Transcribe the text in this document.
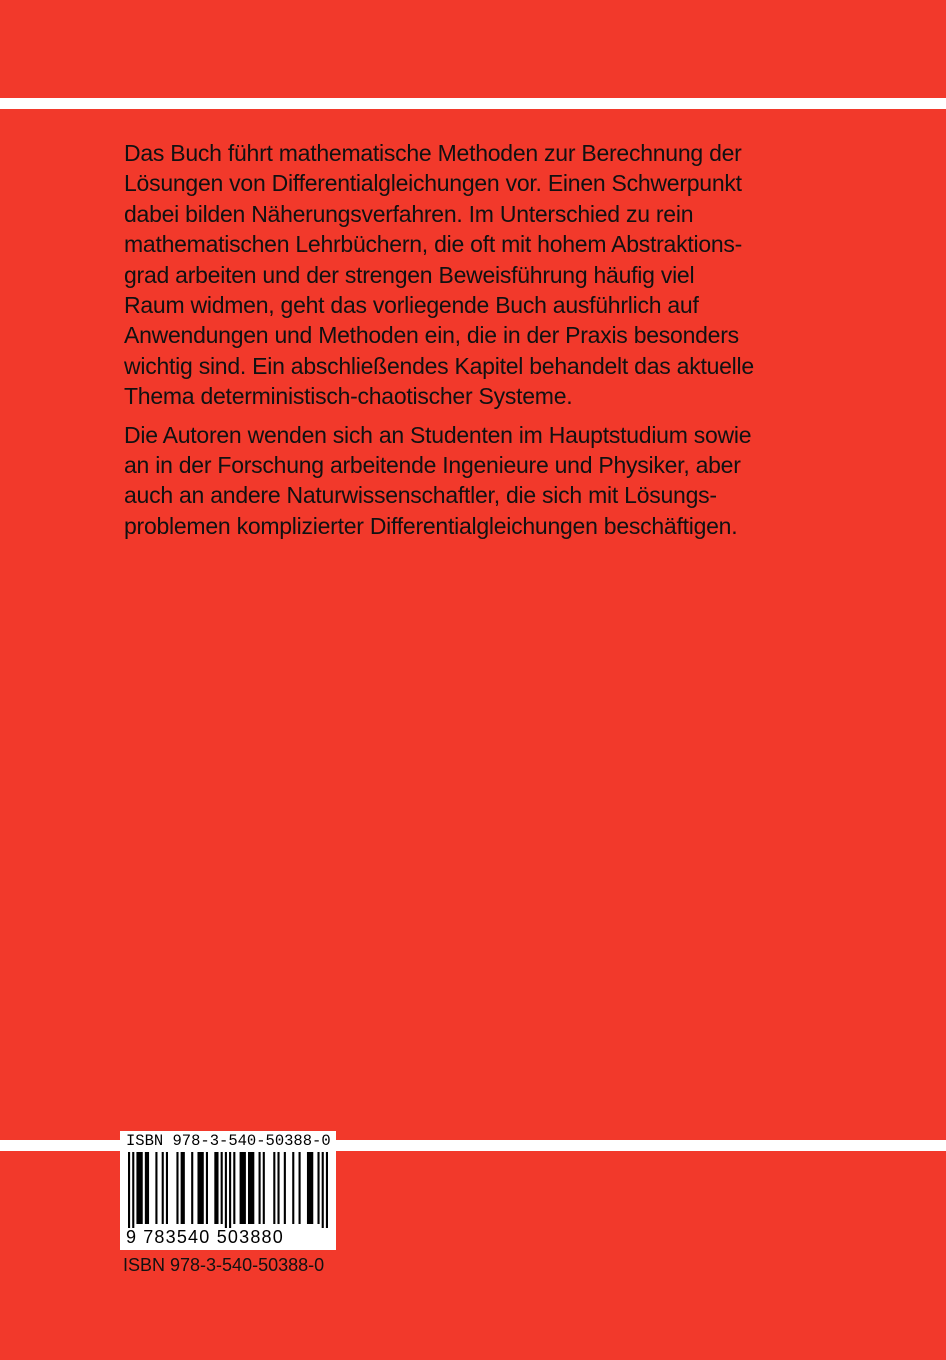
Das Buch führt mathematische Methoden zur Berechnung der
Lösungen von Differentialgleichungen vor. Einen Schwerpunkt
dabei bilden Näherungsverfahren. Im Unterschied zu rein
mathematischen Lehrbüchern, die oft mit hohem Abstraktions-
grad arbeiten und der strengen Beweisführung häufig viel
Raum widmen, geht das vorliegende Buch ausführlich auf
Anwendungen und Methoden ein, die in der Praxis besonders
wichtig sind. Ein abschließendes Kapitel behandelt das aktuelle
Thema deterministisch-chaotischer Systeme.

Die Autoren wenden sich an Studenten im Hauptstudium sowie
an in der Forschung arbeitende Ingenieure und Physiker, aber
auch an andere Naturwissenschaftler, die sich mit Lösungs-
problemen komplizierter Differentialgleichungen beschäftigen.

ISBN 978-3-540-50388-0
9 783540 503880
ISBN 978-3-540-50388-0
